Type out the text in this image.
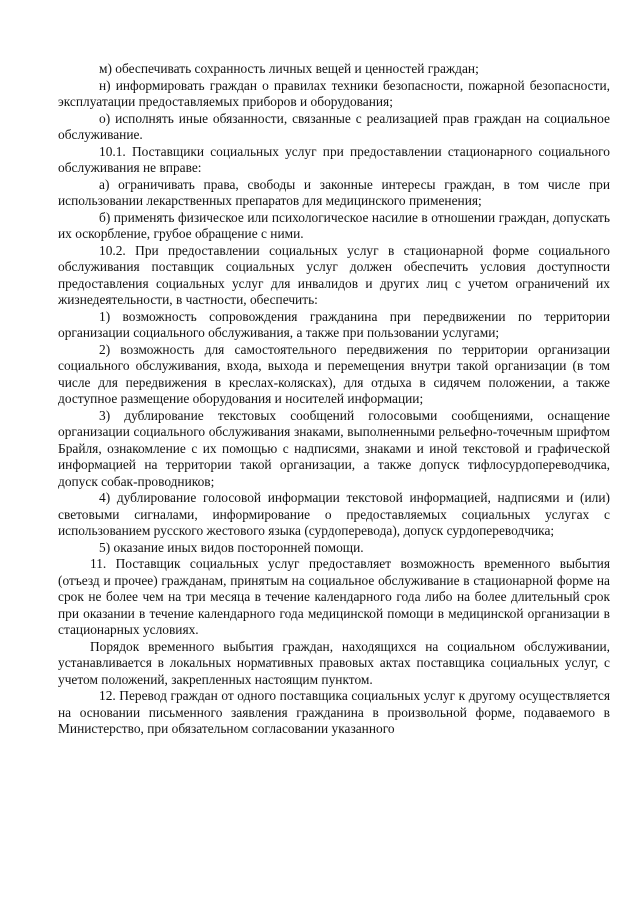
м) обеспечивать сохранность личных вещей и ценностей граждан;

н) информировать граждан о правилах техники безопасности, пожарной безопасности, эксплуатации предоставляемых приборов и оборудования;

о) исполнять иные обязанности, связанные с реализацией прав граждан на социальное обслуживание.

10.1. Поставщики социальных услуг при предоставлении стационарного социального обслуживания не вправе:

а) ограничивать права, свободы и законные интересы граждан, в том числе при использовании лекарственных препаратов для медицинского применения;

б) применять физическое или психологическое насилие в отношении граждан, допускать их оскорбление, грубое обращение с ними.

10.2. При предоставлении социальных услуг в стационарной форме социального обслуживания поставщик социальных услуг должен обеспечить условия доступности предоставления социальных услуг для инвалидов и других лиц с учетом ограничений их жизнедеятельности, в частности, обеспечить:

1) возможность сопровождения гражданина при передвижении по территории организации социального обслуживания, а также при пользовании услугами;

2) возможность для самостоятельного передвижения по территории организации социального обслуживания, входа, выхода и перемещения внутри такой организации (в том числе для передвижения в креслах-колясках), для отдыха в сидячем положении, а также доступное размещение оборудования и носителей информации;

3) дублирование текстовых сообщений голосовыми сообщениями, оснащение организации социального обслуживания знаками, выполненными рельефно-точечным шрифтом Брайля, ознакомление с их помощью с надписями, знаками и иной текстовой и графической информацией на территории такой организации, а также допуск тифлосурдопереводчика, допуск собак-проводников;

4) дублирование голосовой информации текстовой информацией, надписями и (или) световыми сигналами, информирование о предоставляемых социальных услугах с использованием русского жестового языка (сурдоперевода), допуск сурдопереводчика;

5) оказание иных видов посторонней помощи.

11. Поставщик социальных услуг предоставляет возможность временного выбытия (отъезд и прочее) гражданам, принятым на социальное обслуживание в стационарной форме на срок не более чем на три месяца в течение календарного года либо на более длительный срок при оказании в течение календарного года медицинской помощи в медицинской организации в стационарных условиях.

Порядок временного выбытия граждан, находящихся на социальном обслуживании, устанавливается в локальных нормативных правовых актах поставщика социальных услуг, с учетом положений, закрепленных настоящим пунктом.

12. Перевод граждан от одного поставщика социальных услуг к другому осуществляется на основании письменного заявления гражданина в произвольной форме, подаваемого в Министерство, при обязательном согласовании указанного
